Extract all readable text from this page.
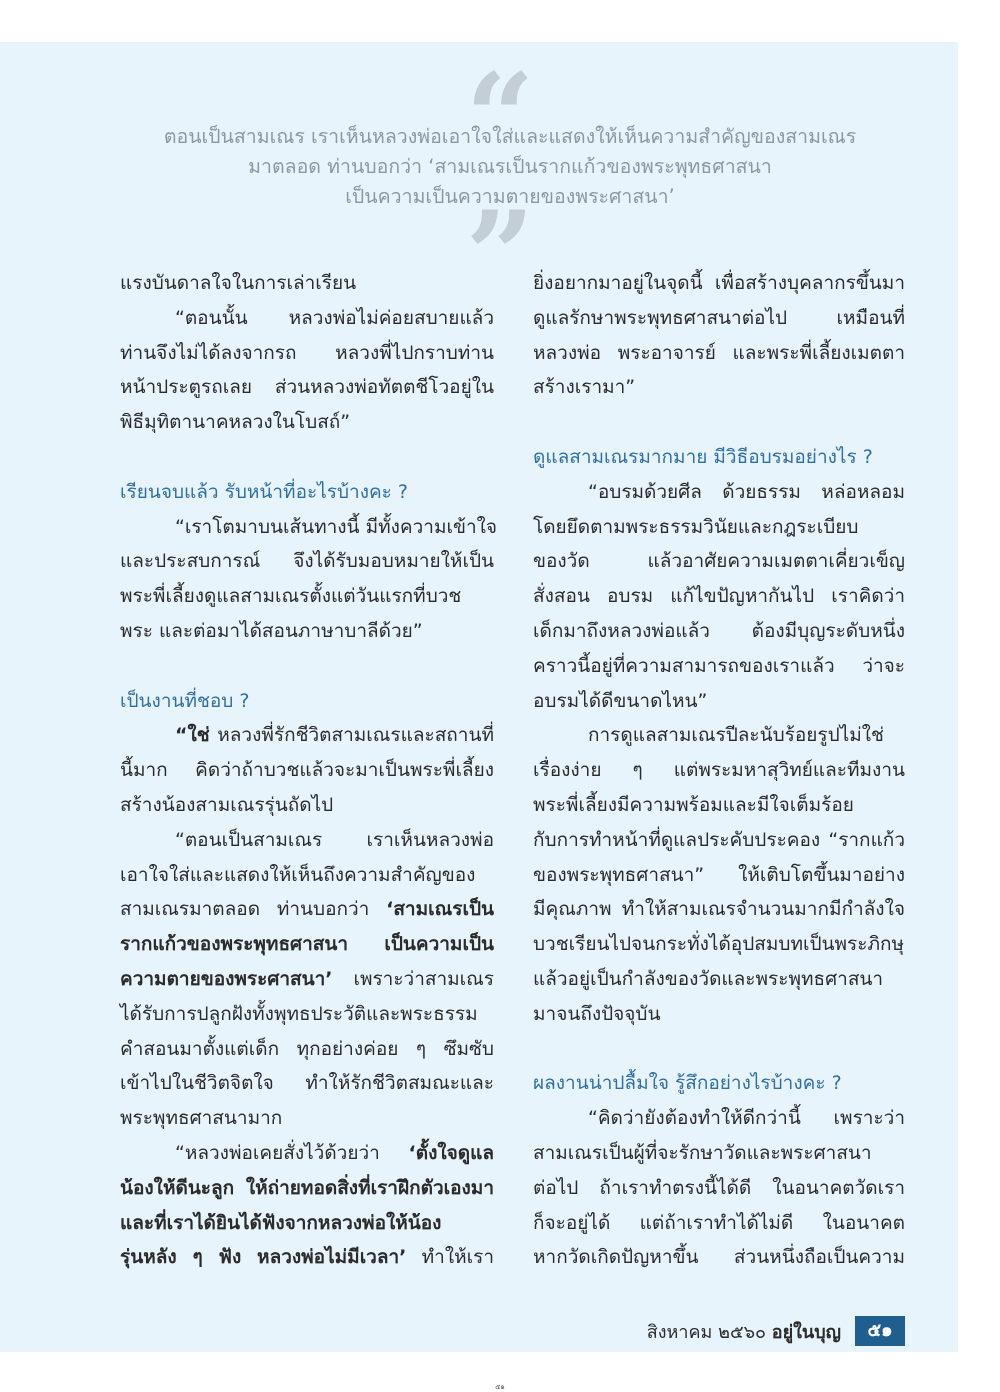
“
ตอนเป็นสามเณร เราเห็นหลวงพ่อเอาใจใส่และแสดงให้เห็นความสำคัญของสามเณร
มาตลอด ท่านบอกว่า ‘สามเณรเป็นรากแก้วของพระพุทธศาสนา
เป็นความเป็นความตายของพระศาสนา’
”
แรงบันดาลใจในการเล่าเรียน
“ตอนนั้น หลวงพ่อไม่ค่อยสบายแล้ว
ท่านจึงไม่ได้ลงจากรถ หลวงพี่ไปกราบท่าน
หน้าประตูรถเลย ส่วนหลวงพ่อทัตตชีโวอยู่ใน
พิธีมุทิตานาคหลวงในโบสถ์”
เรียนจบแล้ว รับหน้าที่อะไรบ้างคะ ?
“เราโตมาบนเส้นทางนี้ มีทั้งความเข้าใจ
และประสบการณ์ จึงได้รับมอบหมายให้เป็น
พระพี่เลี้ยงดูแลสามเณรตั้งแต่วันแรกที่บวช
พระ และต่อมาได้สอนภาษาบาลีด้วย”
เป็นงานที่ชอบ ?
“ใช่ หลวงพี่รักชีวิตสามเณรและสถานที่
นี้มาก คิดว่าถ้าบวชแล้วจะมาเป็นพระพี่เลี้ยง
สร้างน้องสามเณรรุ่นถัดไป
“ตอนเป็นสามเณร เราเห็นหลวงพ่อ
เอาใจใส่และแสดงให้เห็นถึงความสำคัญของ
สามเณรมาตลอด ท่านบอกว่า ‘สามเณรเป็น
รากแก้วของพระพุทธศาสนา เป็นความเป็น
ความตายของพระศาสนา’ เพราะว่าสามเณร
ได้รับการปลูกฝังทั้งพุทธประวัติและพระธรรม
คำสอนมาตั้งแต่เด็ก ทุกอย่างค่อย ๆ ซึมซับ
เข้าไปในชีวิตจิตใจ ทำให้รักชีวิตสมณะและ
พระพุทธศาสนามาก
“หลวงพ่อเคยสั่งไว้ด้วยว่า ‘ตั้งใจดูแล
น้องให้ดีนะลูก ให้ถ่ายทอดสิ่งที่เราฝึกตัวเองมา
และที่เราได้ยินได้ฟังจากหลวงพ่อให้น้อง
รุ่นหลัง ๆ ฟัง หลวงพ่อไม่มีเวลา’ ทำให้เรา
ยิ่งอยากมาอยู่ในจุดนี้ เพื่อสร้างบุคลากรขึ้นมา
ดูแลรักษาพระพุทธศาสนาต่อไป เหมือนที่
หลวงพ่อ พระอาจารย์ และพระพี่เลี้ยงเมตตา
สร้างเรามา”
ดูแลสามเณรมากมาย มีวิธีอบรมอย่างไร ?
“อบรมด้วยศีล ด้วยธรรม หล่อหลอม
โดยยึดตามพระธรรมวินัยและกฎระเบียบ
ของวัด แล้วอาศัยความเมตตาเคี่ยวเข็ญ
สั่งสอน อบรม แก้ไขปัญหากันไป เราคิดว่า
เด็กมาถึงหลวงพ่อแล้ว ต้องมีบุญระดับหนึ่ง
คราวนี้อยู่ที่ความสามารถของเราแล้ว ว่าจะ
อบรมได้ดีขนาดไหน”
การดูแลสามเณรปีละนับร้อยรูปไม่ใช่
เรื่องง่าย ๆ แต่พระมหาสุวิทย์และทีมงาน
พระพี่เลี้ยงมีความพร้อมและมีใจเต็มร้อย
กับการทำหน้าที่ดูแลประคับประคอง “รากแก้ว
ของพระพุทธศาสนา” ให้เติบโตขึ้นมาอย่าง
มีคุณภาพ ทำให้สามเณรจำนวนมากมีกำลังใจ
บวชเรียนไปจนกระทั่งได้อุปสมบทเป็นพระภิกษุ
แล้วอยู่เป็นกำลังของวัดและพระพุทธศาสนา
มาจนถึงปัจจุบัน
ผลงานน่าปลื้มใจ รู้สึกอย่างไรบ้างคะ ?
“คิดว่ายังต้องทำให้ดีกว่านี้ เพราะว่า
สามเณรเป็นผู้ที่จะรักษาวัดและพระศาสนา
ต่อไป ถ้าเราทำตรงนี้ได้ดี ในอนาคตวัดเรา
ก็จะอยู่ได้ แต่ถ้าเราทำได้ไม่ดี ในอนาคต
หากวัดเกิดปัญหาขึ้น ส่วนหนึ่งถือเป็นความ
สิงหาคม ๒๕๖๐ อยู่ในบุญ	๕๑
๕๑
